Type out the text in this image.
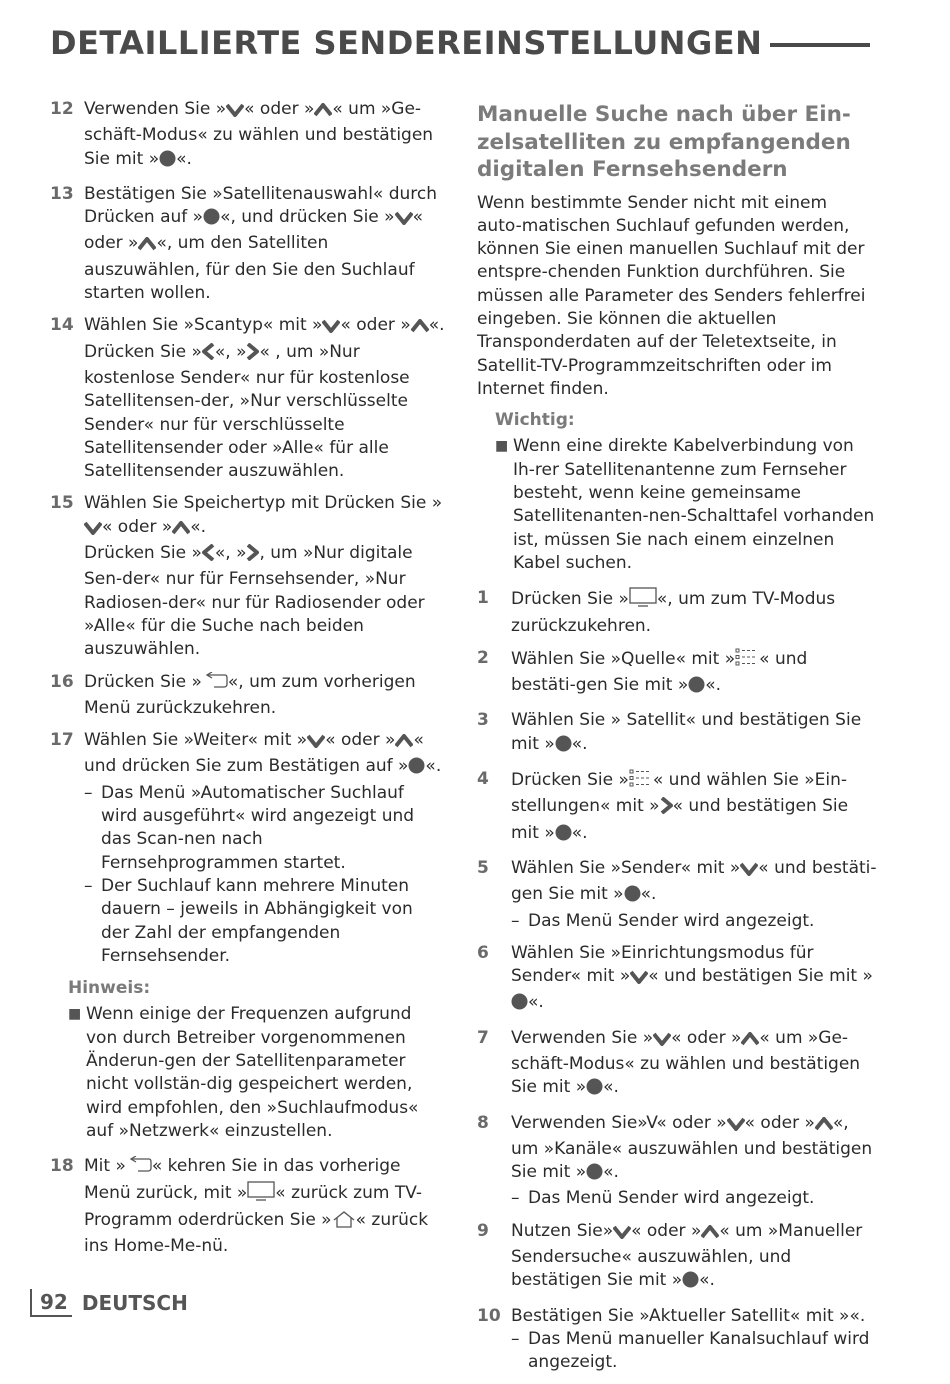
DETAILLIERTE SENDEREINSTELLUNGEN
12 Verwenden Sie » « oder » « um »Ge-schäft-Modus« zu wählen und bestätigen Sie mit » «.
13 Bestätigen Sie »Satellitenauswahl« durch Drücken auf » «, und drücken Sie » « oder » «, um den Satelliten auszuwählen, für den Sie den Suchlauf starten wollen.
14 Wählen Sie »Scantyp« mit » « oder » «. Drücken Sie » «, » « , um »Nur kostenlose Sender« nur für kostenlose Satellitensen-der, »Nur verschlüsselte Sender« nur für verschlüsselte Satellitensender oder »Alle« für alle Satellitensender auszuwählen.
15 Wählen Sie Speichertyp mit Drücken Sie »« oder » «.
Drücken Sie » «, » , um »Nur digitale Sen-der« nur für Fernsehsender, »Nur Radiosen-der« nur für Radiosender oder »Alle« für die Suche nach beiden auszuwählen.
16 Drücken Sie » «, um zum vorherigen Menü zurückzukehren.
17 Wählen Sie »Weiter« mit » « oder » « und drücken Sie zum Bestätigen auf » «.
– Das Menü »Automatischer Suchlauf wird ausgeführt« wird angezeigt und das Scan-nen nach Fernsehprogrammen startet.
– Der Suchlauf kann mehrere Minuten dauern – jeweils in Abhängigkeit von der Zahl der empfangenden Fernsehsender.
Hinweis:
■ Wenn einige der Frequenzen aufgrund von durch Betreiber vorgenommenen Änderun-gen der Satellitenparameter nicht vollstän-dig gespeichert werden, wird empfohlen, den »Suchlaufmodus« auf »Netzwerk« einzustellen.
18 Mit » « kehren Sie in das vorherige Menü zurück, mit » « zurück zum TV-Programm oderdrücken Sie » « zurück ins Home-Me-nü.
Manuelle Suche nach über Ein-zelsatelliten zu empfangenden digitalen Fernsehsendern
Wenn bestimmte Sender nicht mit einem auto-matischen Suchlauf gefunden werden, können Sie einen manuellen Suchlauf mit der entspre-chenden Funktion durchführen. Sie müssen alle Parameter des Senders fehlerfrei eingeben. Sie können die aktuellen Transponderdaten auf der Teletextseite, in Satellit-TV-Programmzeitschriften oder im Internet finden.
Wichtig:
■ Wenn eine direkte Kabelverbindung von Ih-rer Satellitenantenne zum Fernseher besteht, wenn keine gemeinsame Satellitenanten-nen-Schalttafel vorhanden ist, müssen Sie nach einem einzelnen Kabel suchen.
1	Drücken Sie » «, um zum TV-Modus zurückzukehren.
2	Wählen Sie »Quelle« mit » « und bestäti-gen Sie mit » «.
3	Wählen Sie » Satellit« und bestätigen Sie mit » «.
4	Drücken Sie » « und wählen Sie »Ein-stellungen« mit » « und bestätigen Sie mit » «.
5	Wählen Sie »Sender« mit » « und bestäti-gen Sie mit » «.
– Das Menü Sender wird angezeigt.
6	Wählen Sie »Einrichtungsmodus für Sender« mit » « und bestätigen Sie mit »«.
7	Verwenden Sie » « oder » « um »Ge-schäft-Modus« zu wählen und bestätigen Sie mit » «.
8	Verwenden Sie»V« oder » « oder » «, um »Kanäle« auszuwählen und bestätigen Sie mit » «.
– Das Menü Sender wird angezeigt.
9	Nutzen Sie» « oder » « um »Manueller Sendersuche« auszuwählen, und bestätigen Sie mit » «.
10 Bestätigen Sie »Aktueller Satellit« mit »«.
– Das Menü manueller Kanalsuchlauf wird angezeigt.
92 DEUTSCH
